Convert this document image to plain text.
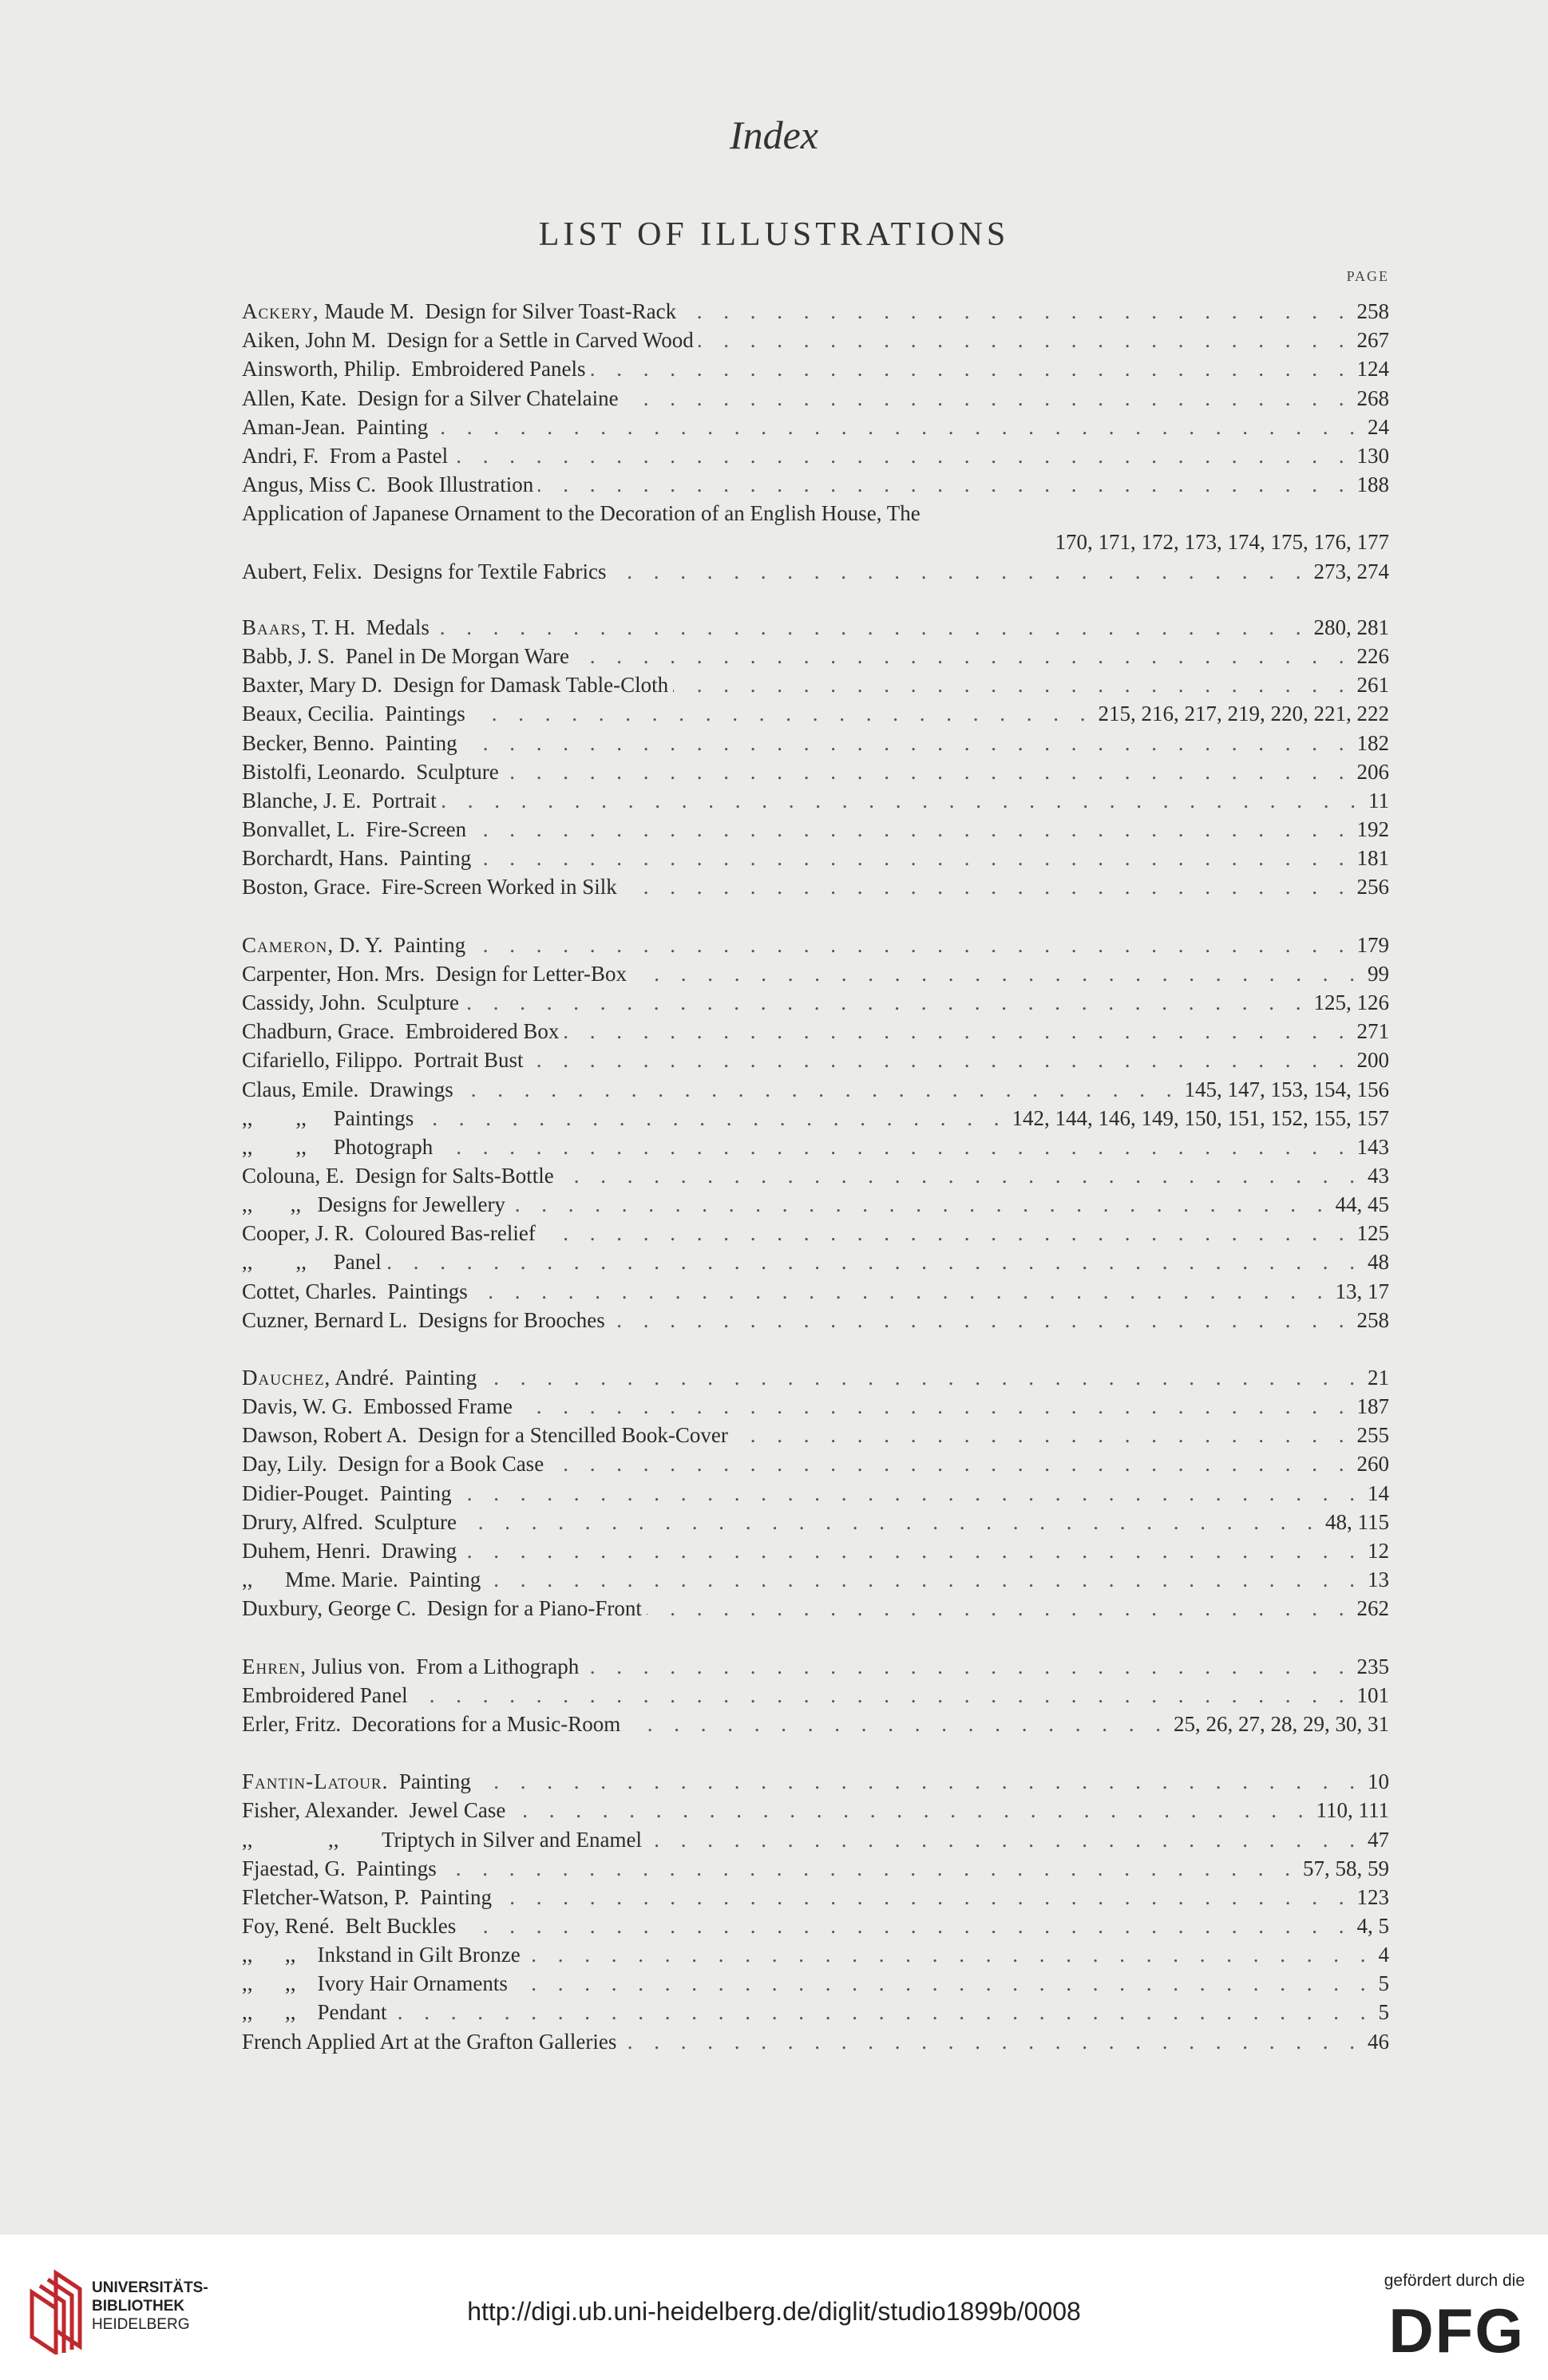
Index
LIST OF ILLUSTRATIONS
PAGE
Ackery, Maude M.  Design for Silver Toast-Rack . . .	258
Aiken, John M.  Design for a Settle in Carved Wood . . .	267
Ainsworth, Philip.  Embroidered Panels . . .	124
Allen, Kate.  Design for a Silver Chatelaine . . .	268
Aman-Jean.  Painting . . .	24
Andri, F.  From a Pastel . . .	130
Angus, Miss C.  Book Illustration . . .	188
Application of Japanese Ornament to the Decoration of an English House, The
170, 171, 172, 173, 174, 175, 176, 177
Aubert, Felix.  Designs for Textile Fabrics . . .	273, 274
Baars, T. H.  Medals . . .	280, 281
Babb, J. S.  Panel in De Morgan Ware . . .	226
Baxter, Mary D.  Design for Damask Table-Cloth . . .	261
Beaux, Cecilia.  Paintings . . .	215, 216, 217, 219, 220, 221, 222
Becker, Benno.  Painting . . .	182
Bistolfi, Leonardo.  Sculpture . . .	206
Blanche, J. E.  Portrait . . .	11
Bonvallet, L.  Fire-Screen . . .	192
Borchardt, Hans.  Painting . . .	181
Boston, Grace.  Fire-Screen Worked in Silk . . .	256
Cameron, D. Y.  Painting . . .	179
Carpenter, Hon. Mrs.  Design for Letter-Box . . .	99
Cassidy, John.  Sculpture . . .	125, 126
Chadburn, Grace.  Embroidered Box . . .	271
Cifariello, Filippo.  Portrait Bust . . .	200
Claus, Emile.  Drawings . . .	145, 147, 153, 154, 156
,,        ,,     Paintings . . .	142, 144, 146, 149, 150, 151, 152, 155, 157
,,        ,,     Photograph . . .	143
Colouna, E.  Design for Salts-Bottle . . .	43
,,       ,,   Designs for Jewellery . . .	44, 45
Cooper, J. R.  Coloured Bas-relief . . .	125
,,        ,,     Panel . . .	48
Cottet, Charles.  Paintings . . .	13, 17
Cuzner, Bernard L.  Designs for Brooches . . .	258
Dauchez, André.  Painting . . .	21
Davis, W. G.  Embossed Frame . . .	187
Dawson, Robert A.  Design for a Stencilled Book-Cover . . .	255
Day, Lily.  Design for a Book Case . . .	260
Didier-Pouget.  Painting . . .	14
Drury, Alfred.  Sculpture . . .	48, 115
Duhem, Henri.  Drawing . . .	12
,,      Mme. Marie.  Painting . . .	13
Duxbury, George C.  Design for a Piano-Front . . .	262
Ehren, Julius von.  From a Lithograph . . .	235
Embroidered Panel . . .	101
Erler, Fritz.  Decorations for a Music-Room . . .	25, 26, 27, 28, 29, 30, 31
Fantin-Latour.  Painting . . .	10
Fisher, Alexander.  Jewel Case . . .	110, 111
,,              ,,        Triptych in Silver and Enamel . . .	47
Fjaestad, G.  Paintings . . .	57, 58, 59
Fletcher-Watson, P.  Painting . . .	123
Foy, René.  Belt Buckles . . .	4, 5
,,      ,,    Inkstand in Gilt Bronze . . .	4
,,      ,,    Ivory Hair Ornaments . . .	5
,,      ,,    Pendant . . .	5
French Applied Art at the Grafton Galleries . . .	46
UNIVERSITÄTS-
BIBLIOTHEK
HEIDELBERG	http://digi.ub.uni-heidelberg.de/diglit/studio1899b/0008
gefördert durch die
DFG
